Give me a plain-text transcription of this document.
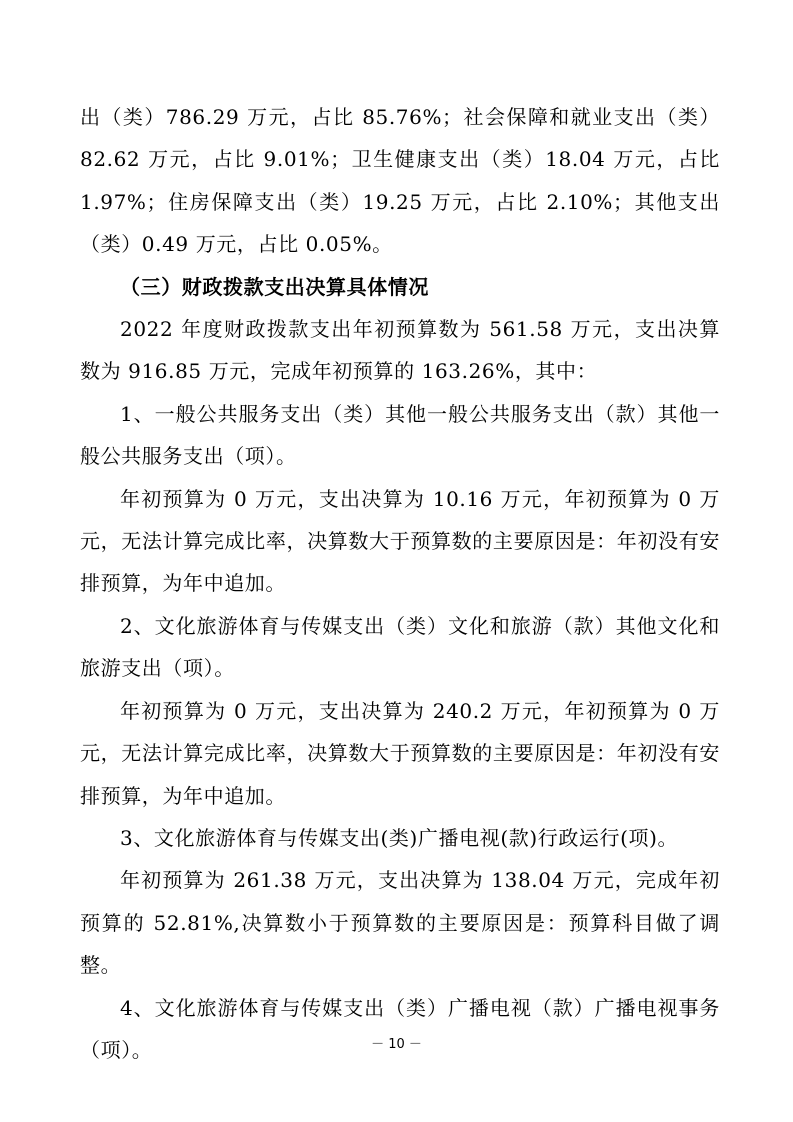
出（类）786.29 万元，占比 85.76%；社会保障和就业支出（类）82.62 万元，占比 9.01%；卫生健康支出（类）18.04 万元，占比 1.97%；住房保障支出（类）19.25 万元，占比 2.10%；其他支出（类）0.49 万元，占比 0.05%。

（三）财政拨款支出决算具体情况

2022 年度财政拨款支出年初预算数为 561.58 万元，支出决算数为 916.85 万元，完成年初预算的 163.26%，其中：

1、一般公共服务支出（类）其他一般公共服务支出（款）其他一般公共服务支出（项）。

年初预算为 0 万元，支出决算为 10.16 万元，年初预算为 0 万元，无法计算完成比率，决算数大于预算数的主要原因是：年初没有安排预算，为年中追加。

2、文化旅游体育与传媒支出（类）文化和旅游（款）其他文化和旅游支出（项）。

年初预算为 0 万元，支出决算为 240.2 万元，年初预算为 0 万元，无法计算完成比率，决算数大于预算数的主要原因是：年初没有安排预算，为年中追加。

3、文化旅游体育与传媒支出(类)广播电视(款)行政运行(项)。

年初预算为 261.38 万元，支出决算为 138.04 万元，完成年初预算的 52.81%,决算数小于预算数的主要原因是：预算科目做了调整。

4、文化旅游体育与传媒支出（类）广播电视（款）广播电视事务（项）。	－ 10 －
